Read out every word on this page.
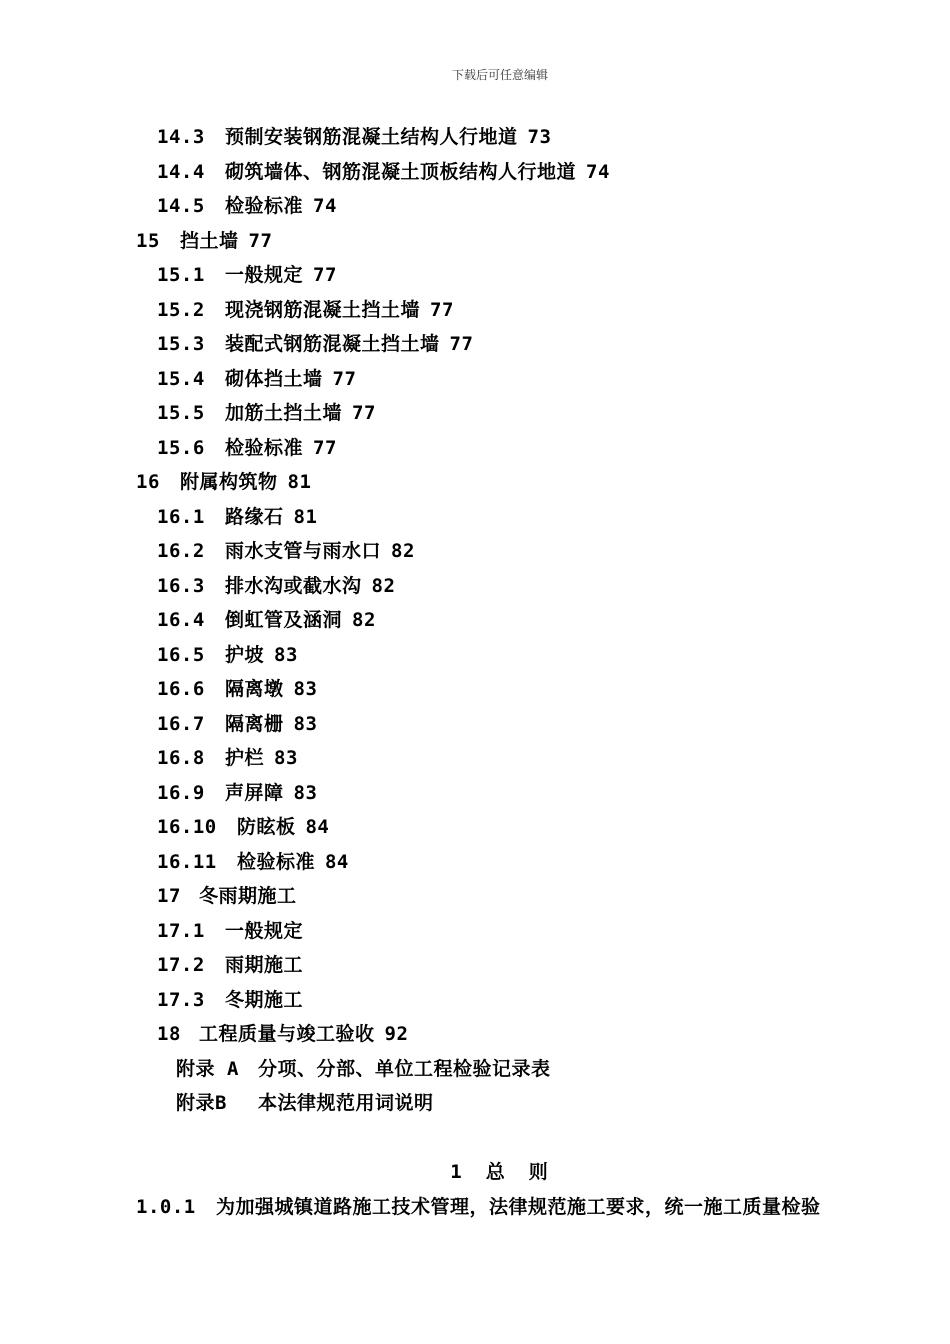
下载后可任意编辑
14.3 预制安装钢筋混凝土结构人行地道 73
14.4 砌筑墙体、钢筋混凝土顶板结构人行地道 74
14.5 检验标准 74
15 挡土墙 77
15.1 一般规定 77
15.2 现浇钢筋混凝土挡土墙 77
15.3 装配式钢筋混凝土挡土墙 77
15.4 砌体挡土墙 77
15.5 加筋土挡土墙 77
15.6 检验标准 77
16 附属构筑物 81
16.1 路缘石 81
16.2 雨水支管与雨水口 82
16.3 排水沟或截水沟 82
16.4 倒虹管及涵洞 82
16.5 护坡 83
16.6 隔离墩 83
16.7 隔离栅 83
16.8 护栏 83
16.9 声屏障 83
16.10 防眩板 84
16.11 检验标准 84
17 冬雨期施工
17.1 一般规定
17.2 雨期施工
17.3 冬期施工
18 工程质量与竣工验收 92
附录 A 分项、分部、单位工程检验记录表
附录B 本法律规范用词说明
1 总 则
1.0.1 为加强城镇道路施工技术管理，法律规范施工要求，统一施工质量检验
